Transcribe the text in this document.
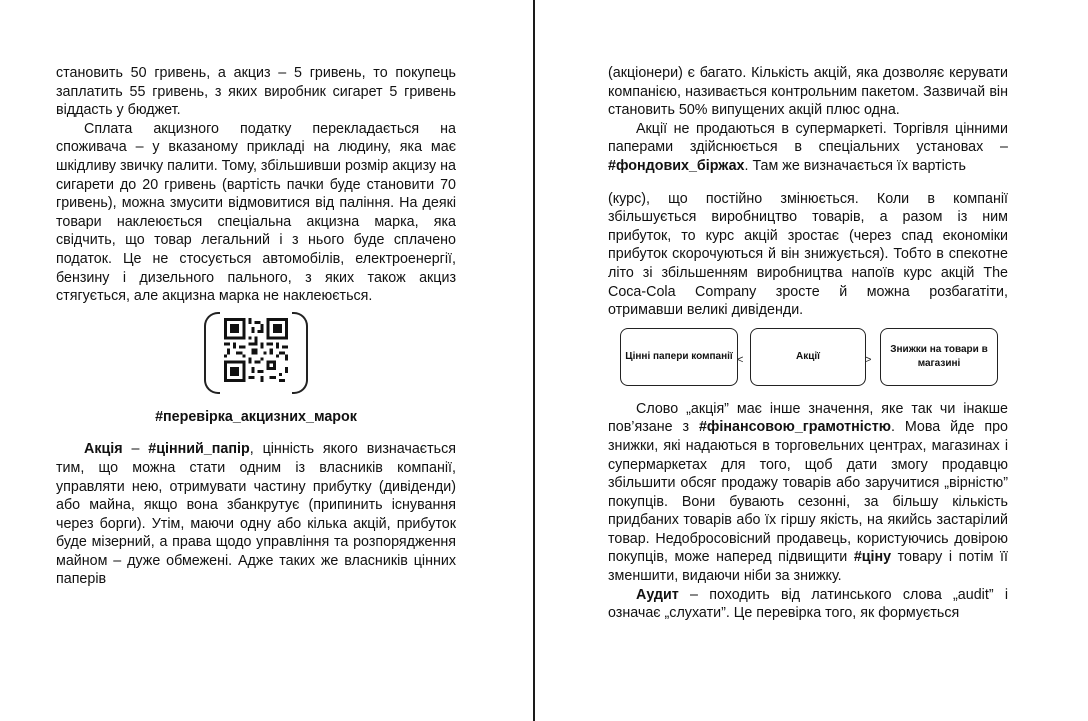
становить 50 гривень, а акциз – 5 гривень, то покупець заплатить 55 гривень, з яких виробник сигарет 5 гривень віддасть у бюджет.

Сплата акцизного податку перекладається на споживача – у вказаному прикладі на людину, яка має шкідливу звичку палити. Тому, збільшивши розмір акцизу на сигарети до 20 гривень (вартість пачки буде становити 70 гривень), можна змусити відмовитися від паління. На деякі товари наклеюється спеціальна акцизна марка, яка свідчить, що товар легальний і з нього буде сплачено податок. Це не стосується автомобілів, електроенергії, бензину і дизельного пального, з яких також акциз стягується, але акцизна марка не наклеюється.

#перевірка_акцизних_марок

Акція – #цінний_папір, цінність якого визначається тим, що можна стати одним із власників компанії, управляти нею, отримувати частину прибутку (дивіденди) або майна, якщо вона збанкрутує (припинить існування через борги). Утім, маючи одну або кілька акцій, прибуток буде мізерний, а права щодо управління та розпорядження майном – дуже обмежені. Адже таких же власників цінних паперів

(акціонери) є багато. Кількість акцій, яка дозволяє керувати компанією, називається контрольним пакетом. Зазвичай він становить 50% випущених акцій плюс одна.

Акції не продаються в супермаркеті. Торгівля цінними паперами здійснюється в спеціальних установах – #фондових_біржах. Там же визначається їх вартість

(курс), що постійно змінюється. Коли в компанії збільшується виробництво товарів, а разом із ним прибуток, то курс акцій зростає (через спад економіки прибуток скорочуються й він знижується). Тобто в спекотне літо зі збільшенням виробництва напоїв курс акцій The Coca-Cola Company зросте й можна розбагатіти, отримавши великі дивіденди.

Цінні папери компанії <	Акції	>
Знижки на товари в магазині

Слово „акція” має інше значення, яке так чи інакше пов’язане з #фінансовою_грамотністю. Мова йде про знижки, які надаються в торговельних центрах, магазинах і супермаркетах для того, щоб дати змогу продавцю збільшити обсяг продажу товарів або заручитися „вірністю” покупців. Вони бувають сезонні, за більшу кількість придбаних товарів або їх гіршу якість, на якийсь застарілий товар. Недобросовісний продавець, користуючись довірою покупців, може наперед підвищити #ціну товару і потім її зменшити, видаючи ніби за знижку.

Аудит – походить від латинського слова „audit” і означає „слухати”. Це перевірка того, як формується
